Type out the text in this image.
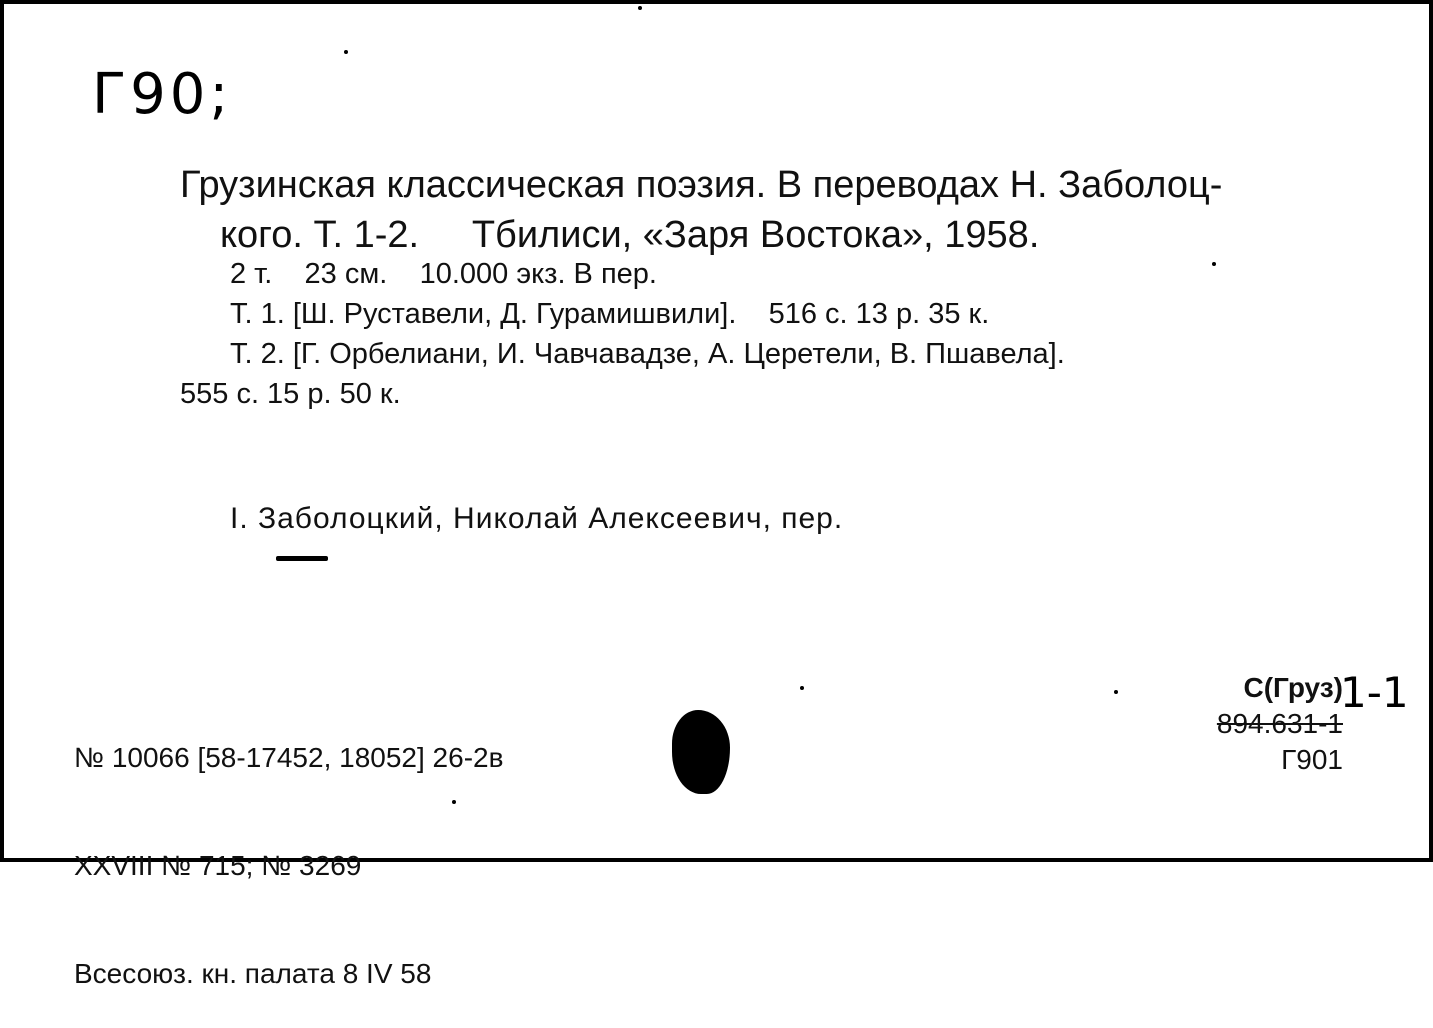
Г90;
Грузинская классическая поэзия. В переводах Н. Заболоц-
кого. Т. 1-2.     Тбилиси, «Заря Востока», 1958.
2 т.    23 см.    10.000 экз. В пер.
Т. 1. [Ш. Руставели, Д. Гурамишвили].    516 с. 13 р. 35 к.
Т. 2. [Г. Орбелиани, И. Чавчавадзе, А. Церетели, В. Пшавела].
555 с. 15 р. 50 к.
I. Заболоцкий, Николай Алексеевич, пер.

№ 10066 [58-17452, 18052] 26-2в

XXVIII № 715; № 3269

Всесоюз. кн. палата 8 IV 58

С(Груз)
894.631-1
Г901
1-1
